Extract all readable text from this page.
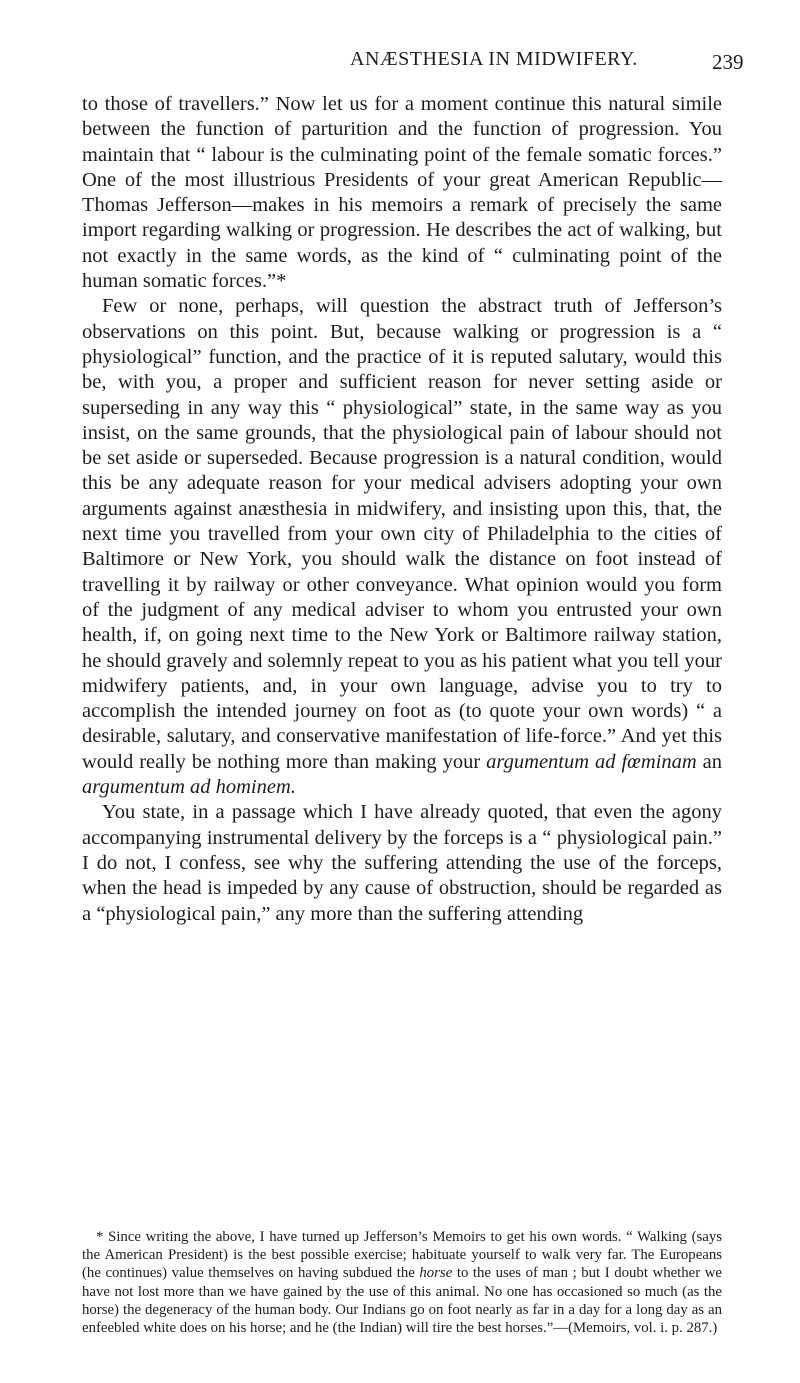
ANÆSTHESIA IN MIDWIFERY.	239

to those of travellers.” Now let us for a moment continue this natural simile between the function of parturition and the function of progression. You maintain that “ labour is the culminating point of the female somatic forces.” One of the most illustrious Presidents of your great American Republic—Thomas Jefferson—makes in his memoirs a remark of precisely the same import regarding walking or progression. He describes the act of walking, but not exactly in the same words, as the kind of “ culminating point of the human somatic forces.”*

Few or none, perhaps, will question the abstract truth of Jefferson’s observations on this point. But, because walking or progression is a “ physiological” function, and the practice of it is reputed salutary, would this be, with you, a proper and sufficient reason for never setting aside or superseding in any way this “ physiological” state, in the same way as you insist, on the same grounds, that the physiological pain of labour should not be set aside or superseded. Because progression is a natural condition, would this be any adequate reason for your medical advisers adopting your own arguments against anæsthesia in midwifery, and insisting upon this, that, the next time you travelled from your own city of Philadelphia to the cities of Baltimore or New York, you should walk the distance on foot instead of travelling it by railway or other conveyance. What opinion would you form of the judgment of any medical adviser to whom you entrusted your own health, if, on going next time to the New York or Baltimore railway station, he should gravely and solemnly repeat to you as his patient what you tell your midwifery patients, and, in your own language, advise you to try to accomplish the intended journey on foot as (to quote your own words) “ a desirable, salutary, and conservative manifestation of life-force.” And yet this would really be nothing more than making your argumentum ad fœminam an argumentum ad hominem.

You state, in a passage which I have already quoted, that even the agony accompanying instrumental delivery by the forceps is a “ physiological pain.” I do not, I confess, see why the suffering attending the use of the forceps, when the head is impeded by any cause of obstruction, should be regarded as a “physiological pain,” any more than the suffering attending

* Since writing the above, I have turned up Jefferson’s Memoirs to get his own words. “ Walking (says the American President) is the best possible exercise; habituate yourself to walk very far. The Europeans (he continues) value themselves on having subdued the horse to the uses of man ; but I doubt whether we have not lost more than we have gained by the use of this animal. No one has occasioned so much (as the horse) the degeneracy of the human body. Our Indians go on foot nearly as far in a day for a long day as an enfeebled white does on his horse; and he (the Indian) will tire the best horses.”—(Memoirs, vol. i. p. 287.)
